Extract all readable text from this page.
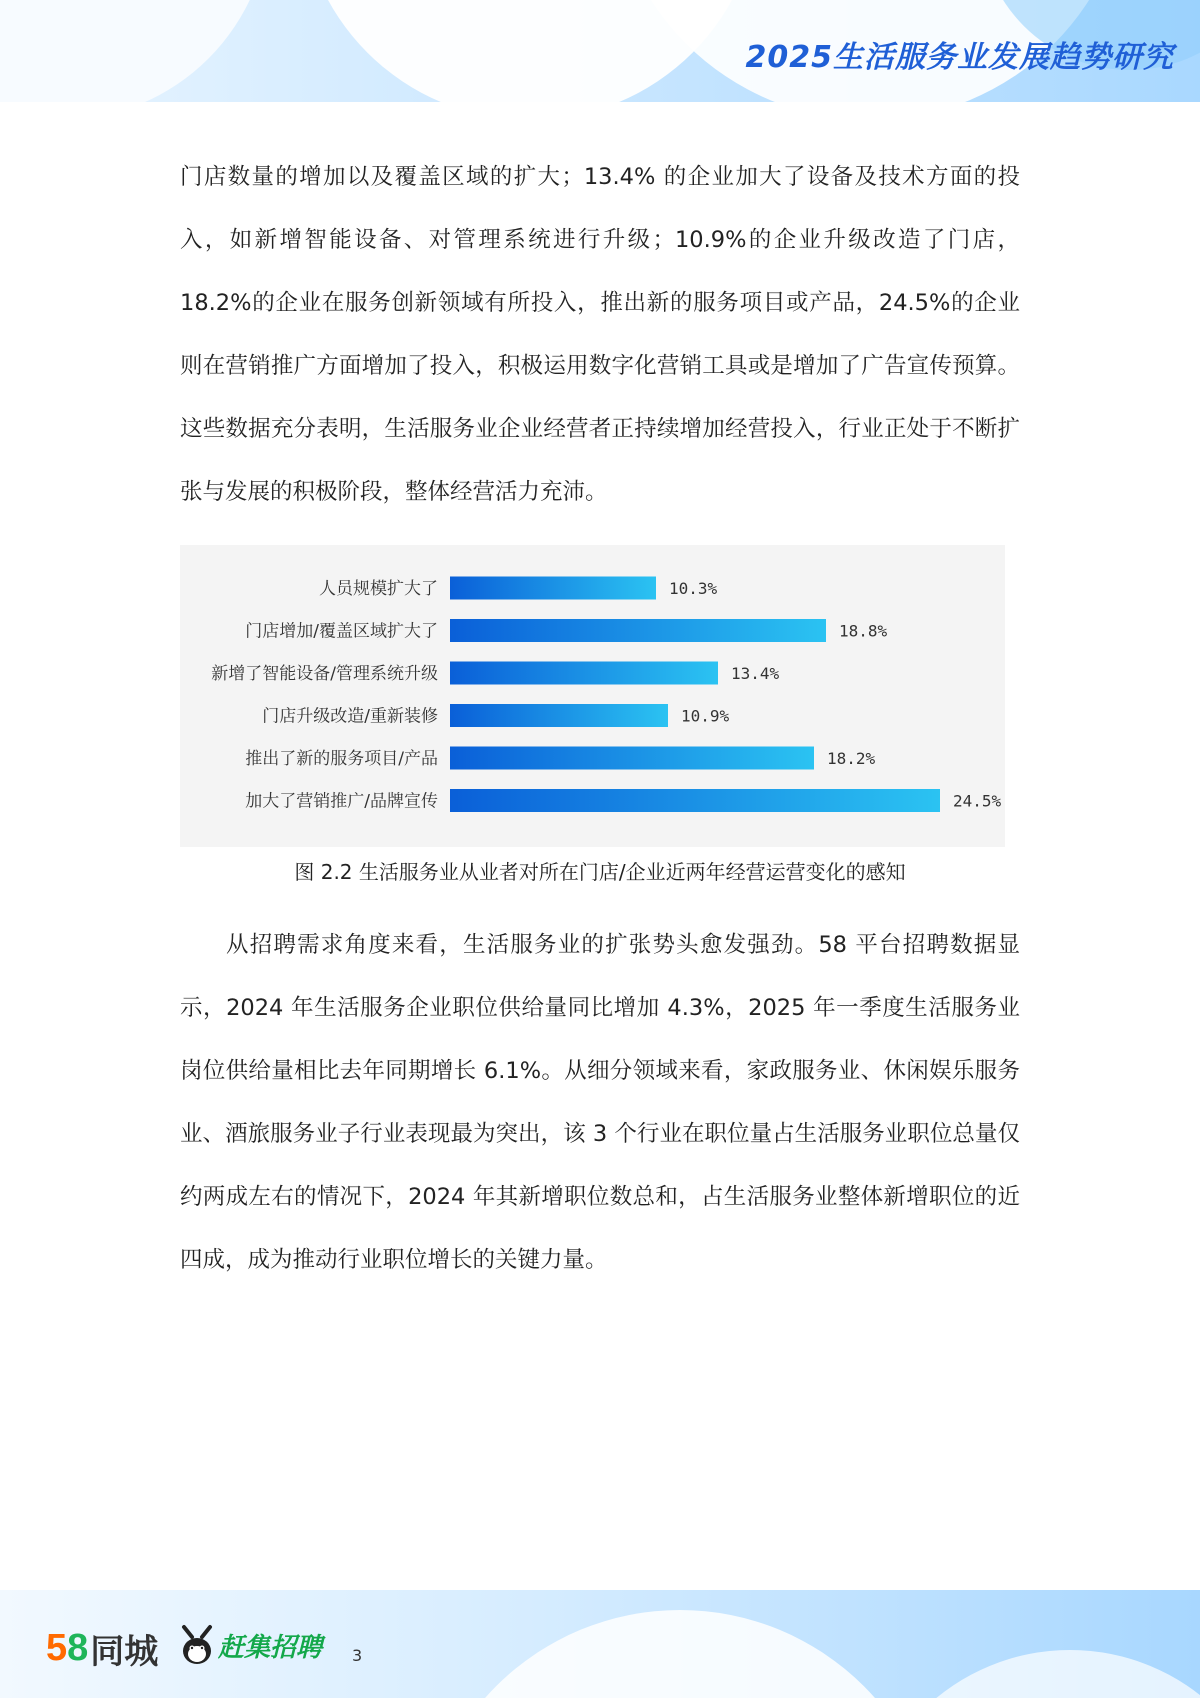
2025生活服务业发展趋势研究

门店数量的增加以及覆盖区域的扩大；13.4% 的企业加大了设备及技术方面的投入，如新增智能设备、对管理系统进行升级；10.9%的企业升级改造了门店，18.2%的企业在服务创新领域有所投入，推出新的服务项目或产品，24.5%的企业则在营销推广方面增加了投入，积极运用数字化营销工具或是增加了广告宣传预算。这些数据充分表明，生活服务业企业经营者正持续增加经营投入，行业正处于不断扩张与发展的积极阶段，整体经营活力充沛。

人员规模扩大了	10.3%
门店增加/覆盖区域扩大了	18.8%
新增了智能设备/管理系统升级	13.4%
门店升级改造/重新装修	10.9%
推出了新的服务项目/产品	18.2%
加大了营销推广/品牌宣传	24.5%
图 2.2 生活服务业从业者对所在门店/企业近两年经营运营变化的感知

从招聘需求角度来看，生活服务业的扩张势头愈发强劲。58 平台招聘数据显示，2024 年生活服务企业职位供给量同比增加 4.3%，2025 年一季度生活服务业岗位供给量相比去年同期增长 6.1%。从细分领域来看，家政服务业、休闲娱乐服务业、酒旅服务业子行业表现最为突出，该 3 个行业在职位量占生活服务业职位总量仅约两成左右的情况下，2024 年其新增职位数总和，占生活服务业整体新增职位的近四成，成为推动行业职位增长的关键力量。

5 8 同城 赶集招聘 3
